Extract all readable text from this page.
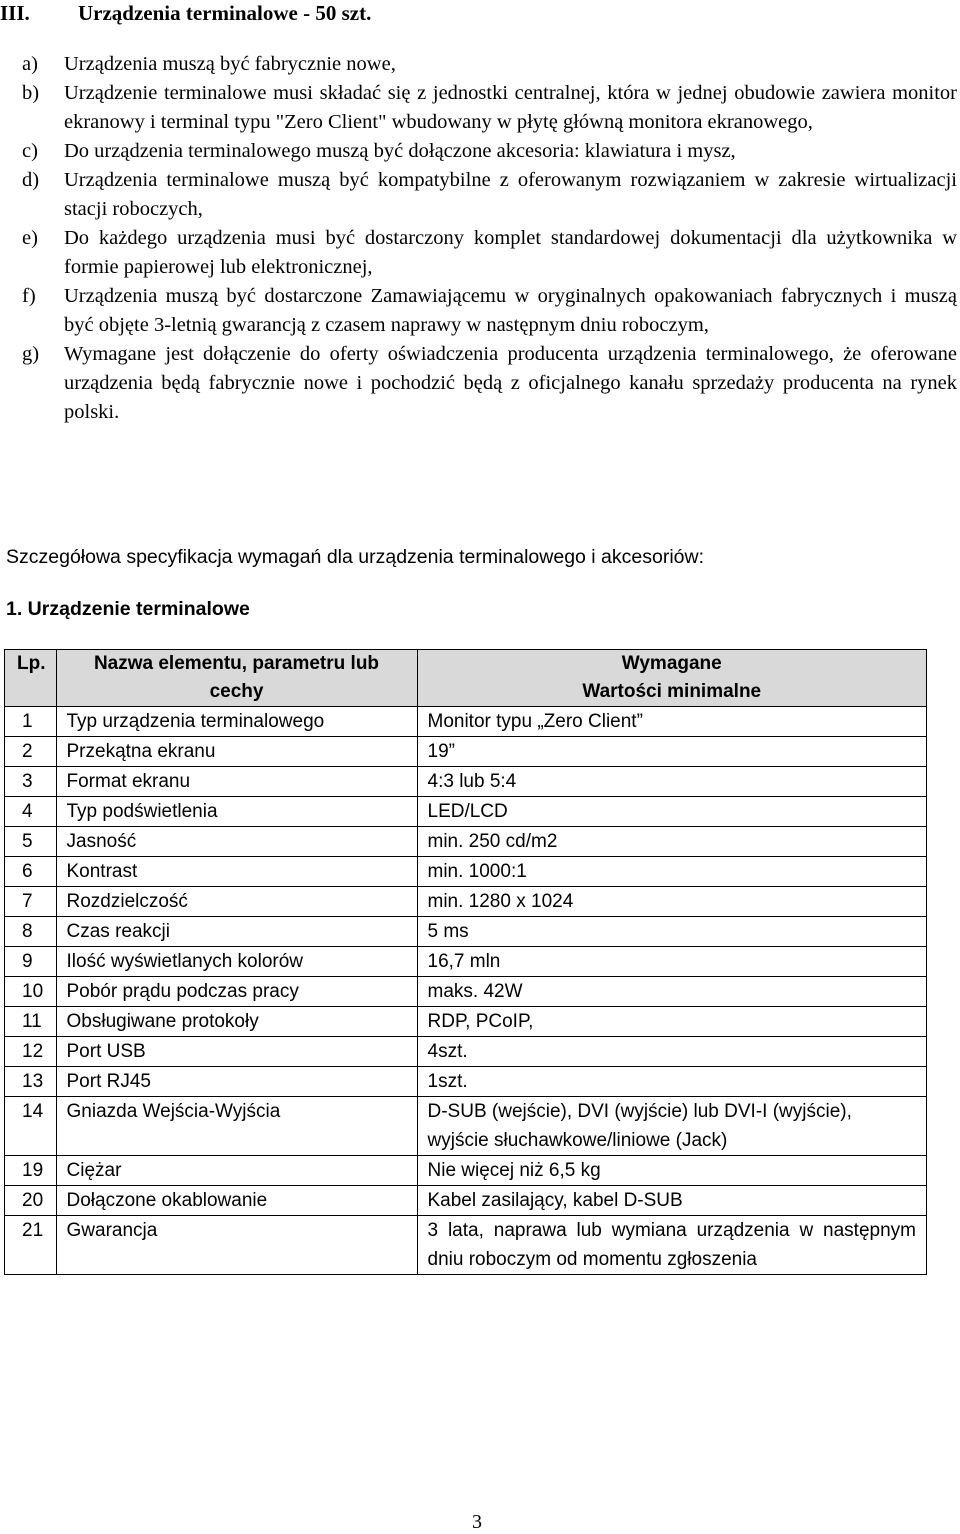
III. Urządzenia terminalowe - 50 szt.
a) Urządzenia muszą być fabrycznie nowe,
b) Urządzenie terminalowe musi składać się z jednostki centralnej, która w jednej obudowie zawiera monitor ekranowy i terminal typu "Zero Client" wbudowany w płytę główną monitora ekranowego,
c) Do urządzenia terminalowego muszą być dołączone akcesoria: klawiatura i mysz,
d) Urządzenia terminalowe muszą być kompatybilne z oferowanym rozwiązaniem w zakresie wirtualizacji stacji roboczych,
e) Do każdego urządzenia musi być dostarczony komplet standardowej dokumentacji dla użytkownika w formie papierowej lub elektronicznej,
f) Urządzenia muszą być dostarczone Zamawiającemu w oryginalnych opakowaniach fabrycznych i muszą być objęte 3-letnią gwarancją z czasem naprawy w następnym dniu roboczym,
g) Wymagane jest dołączenie do oferty oświadczenia producenta urządzenia terminalowego, że oferowane urządzenia będą fabrycznie nowe i pochodzić będą z oficjalnego kanału sprzedaży producenta na rynek polski.
Szczegółowa specyfikacja wymagań dla urządzenia terminalowego i akcesoriów:
1. Urządzenie terminalowe
Lp.	Nazwa elementu, parametru lub cechy	Wymagane
Wartości minimalne
1	Typ urządzenia terminalowego	Monitor typu „Zero Client”
2	Przekątna ekranu	19”
3	Format ekranu	4:3 lub 5:4
4	Typ podświetlenia	LED/LCD
5	Jasność	min. 250 cd/m2
6	Kontrast	min. 1000:1
7	Rozdzielczość	min. 1280 x 1024
8	Czas reakcji	5 ms
9	Ilość wyświetlanych kolorów	16,7 mln
10	Pobór prądu podczas pracy	maks. 42W
11	Obsługiwane protokoły	RDP, PCoIP,
12	Port USB	4szt.
13	Port RJ45	1szt.
14	Gniazda Wejścia-Wyjścia	D-SUB (wejście), DVI (wyjście) lub DVI-I (wyjście), wyjście słuchawkowe/liniowe (Jack)
19	Ciężar	Nie więcej niż 6,5 kg
20	Dołączone okablowanie	Kabel zasilający, kabel D-SUB
21	Gwarancja	3 lata, naprawa lub wymiana urządzenia w następnym dniu roboczym od momentu zgłoszenia
3
